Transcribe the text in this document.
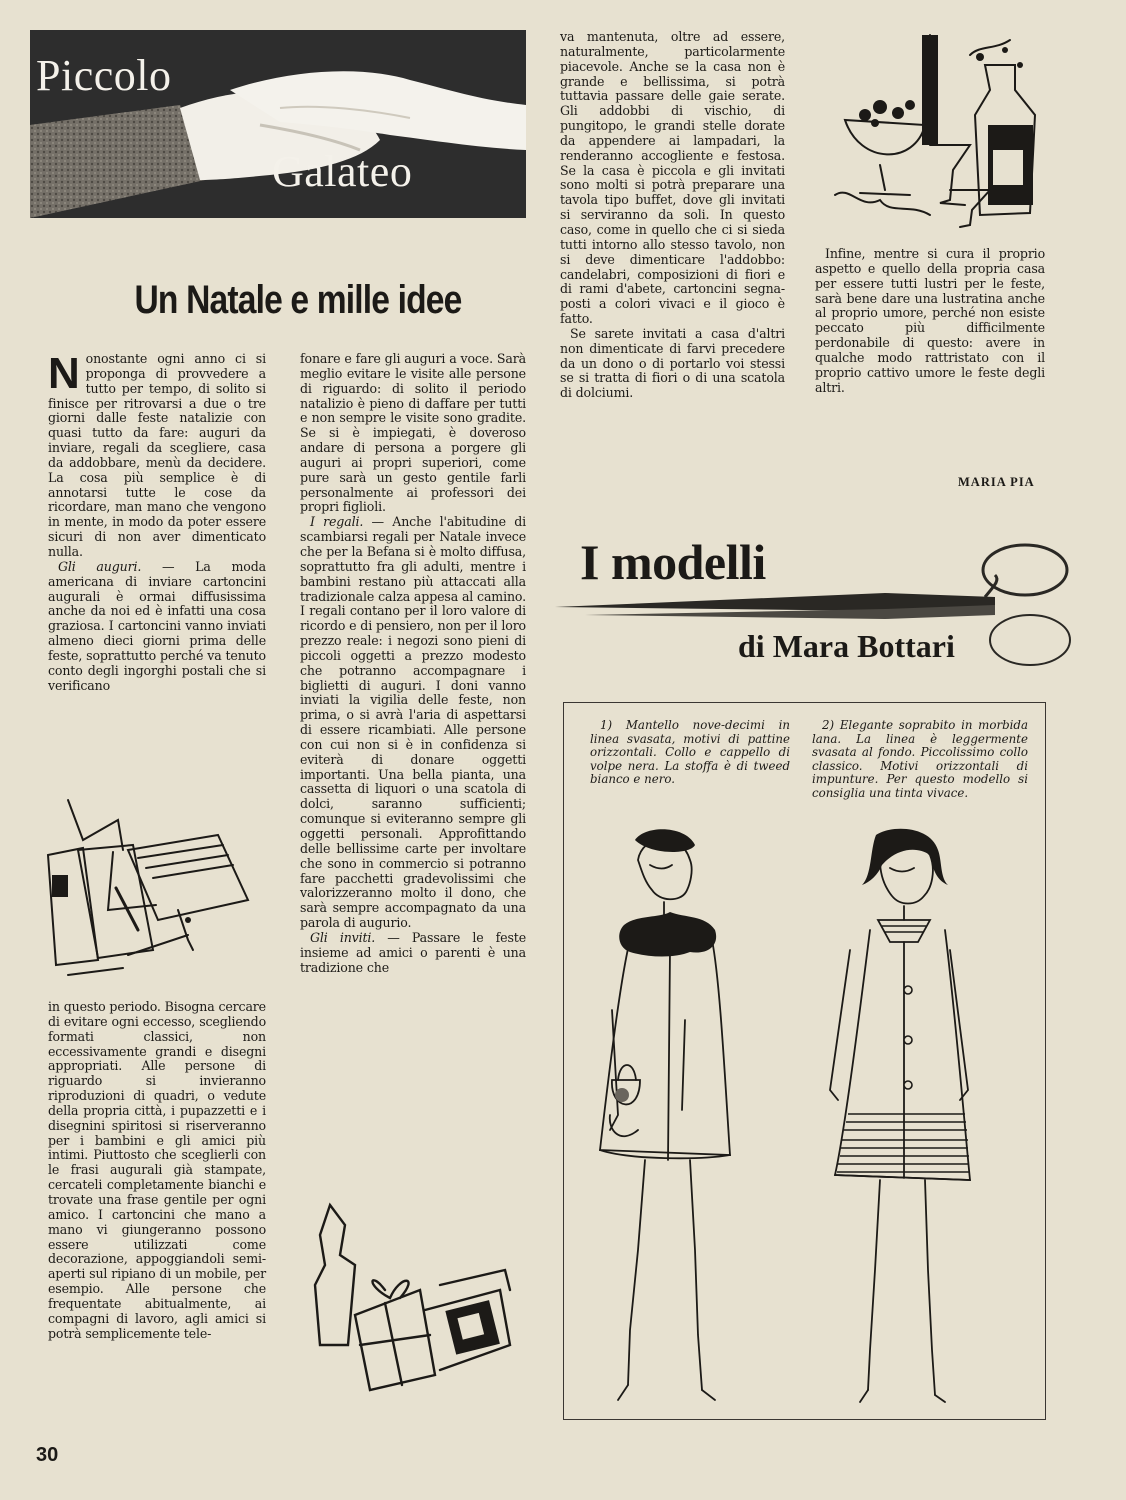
Piccolo
Galateo
Un Natale e mille idee

Nonostante ogni anno ci si proponga di provvedere a tutto per tempo, di solito si finisce per ritrovarsi a due o tre giorni dalle feste natalizie con quasi tutto da fare: auguri da inviare, regali da scegliere, casa da addobbare, menù da decidere. La cosa più semplice è di annotarsi tutte le cose da ricordare, man mano che vengono in mente, in modo da poter essere sicuri di non aver dimenticato nulla.

Gli auguri. — La moda americana di inviare cartoncini augurali è ormai diffusissima anche da noi ed è infatti una cosa graziosa. I cartoncini vanno inviati almeno dieci giorni prima delle feste, soprattutto perché va tenuto conto degli ingorghi postali che si verificano

in questo periodo. Bisogna cercare di evitare ogni eccesso, scegliendo formati classici, non eccessivamente grandi e disegni appropriati. Alle persone di riguardo si invieranno riproduzioni di quadri, o vedute della propria città, i pupazzetti e i disegnini spiritosi si riserveranno per i bambini e gli amici più intimi. Piuttosto che sceglierli con le frasi augurali già stampate, cercateli completamente bianchi e trovate una frase gentile per ogni amico. I cartoncini che mano a mano vi giungeranno possono essere utilizzati come decorazione, appoggiandoli semi-aperti sul ripiano di un mobile, per esempio. Alle persone che frequentate abitualmente, ai compagni di lavoro, agli amici si potrà semplicemente tele-

fonare e fare gli auguri a voce. Sarà meglio evitare le visite alle persone di riguardo: di solito il periodo natalizio è pieno di daffare per tutti e non sempre le visite sono gradite. Se si è impiegati, è doveroso andare di persona a porgere gli auguri ai propri superiori, come pure sarà un gesto gentile farli personalmente ai professori dei propri figlioli.

I regali. — Anche l'abitudine di scambiarsi regali per Natale invece che per la Befana si è molto diffusa, soprattutto fra gli adulti, mentre i bambini restano più attaccati alla tradizionale calza appesa al camino. I regali contano per il loro valore di ricordo e di pensiero, non per il loro prezzo reale: i negozi sono pieni di piccoli oggetti a prezzo modesto che potranno accompagnare i biglietti di auguri. I doni vanno inviati la vigilia delle feste, non prima, o si avrà l'aria di aspettarsi di essere ricambiati. Alle persone con cui non si è in confidenza si eviterà di donare oggetti importanti. Una bella pianta, una cassetta di liquori o una scatola di dolci, saranno sufficienti; comunque si eviteranno sempre gli oggetti personali. Approfittando delle bellissime carte per involtare che sono in commercio si potranno fare pacchetti gradevolissimi che valorizzeranno molto il dono, che sarà sempre accompagnato da una parola di augurio.

Gli inviti. — Passare le feste insieme ad amici o parenti è una tradizione che

va mantenuta, oltre ad essere, naturalmente, particolarmente piacevole. Anche se la casa non è grande e bellissima, si potrà tuttavia passare delle gaie serate. Gli addobbi di vischio, di pungitopo, le grandi stelle dorate da appendere ai lampadari, la renderanno accogliente e festosa. Se la casa è piccola e gli invitati sono molti si potrà preparare una tavola tipo buffet, dove gli invitati si serviranno da soli. In questo caso, come in quello che ci si sieda tutti intorno allo stesso tavolo, non si deve dimenticare l'addobbo: candelabri, composizioni di fiori e di rami d'abete, cartoncini segna-posti a colori vivaci e il gioco è fatto.

Se sarete invitati a casa d'altri non dimenticate di farvi precedere da un dono o di portarlo voi stessi se si tratta di fiori o di una scatola di dolciumi.

Infine, mentre si cura il proprio aspetto e quello della propria casa per essere tutti lustri per le feste, sarà bene dare una lustratina anche al proprio umore, perché non esiste peccato più difficilmente perdonabile di questo: avere in qualche modo rattristato con il proprio cattivo umore le feste degli altri.

MARIA PIA
I modelli
di Mara Bottari

1) Mantello nove-decimi in linea svasata, motivi di pattine orizzontali. Collo e cappello di volpe nera. La stoffa è di tweed bianco e nero.

2) Elegante soprabito in morbida lana. La linea è leggermente svasata al fondo. Piccolissimo collo classico. Motivi orizzontali di impunture. Per questo modello si consiglia una tinta vivace.

30
